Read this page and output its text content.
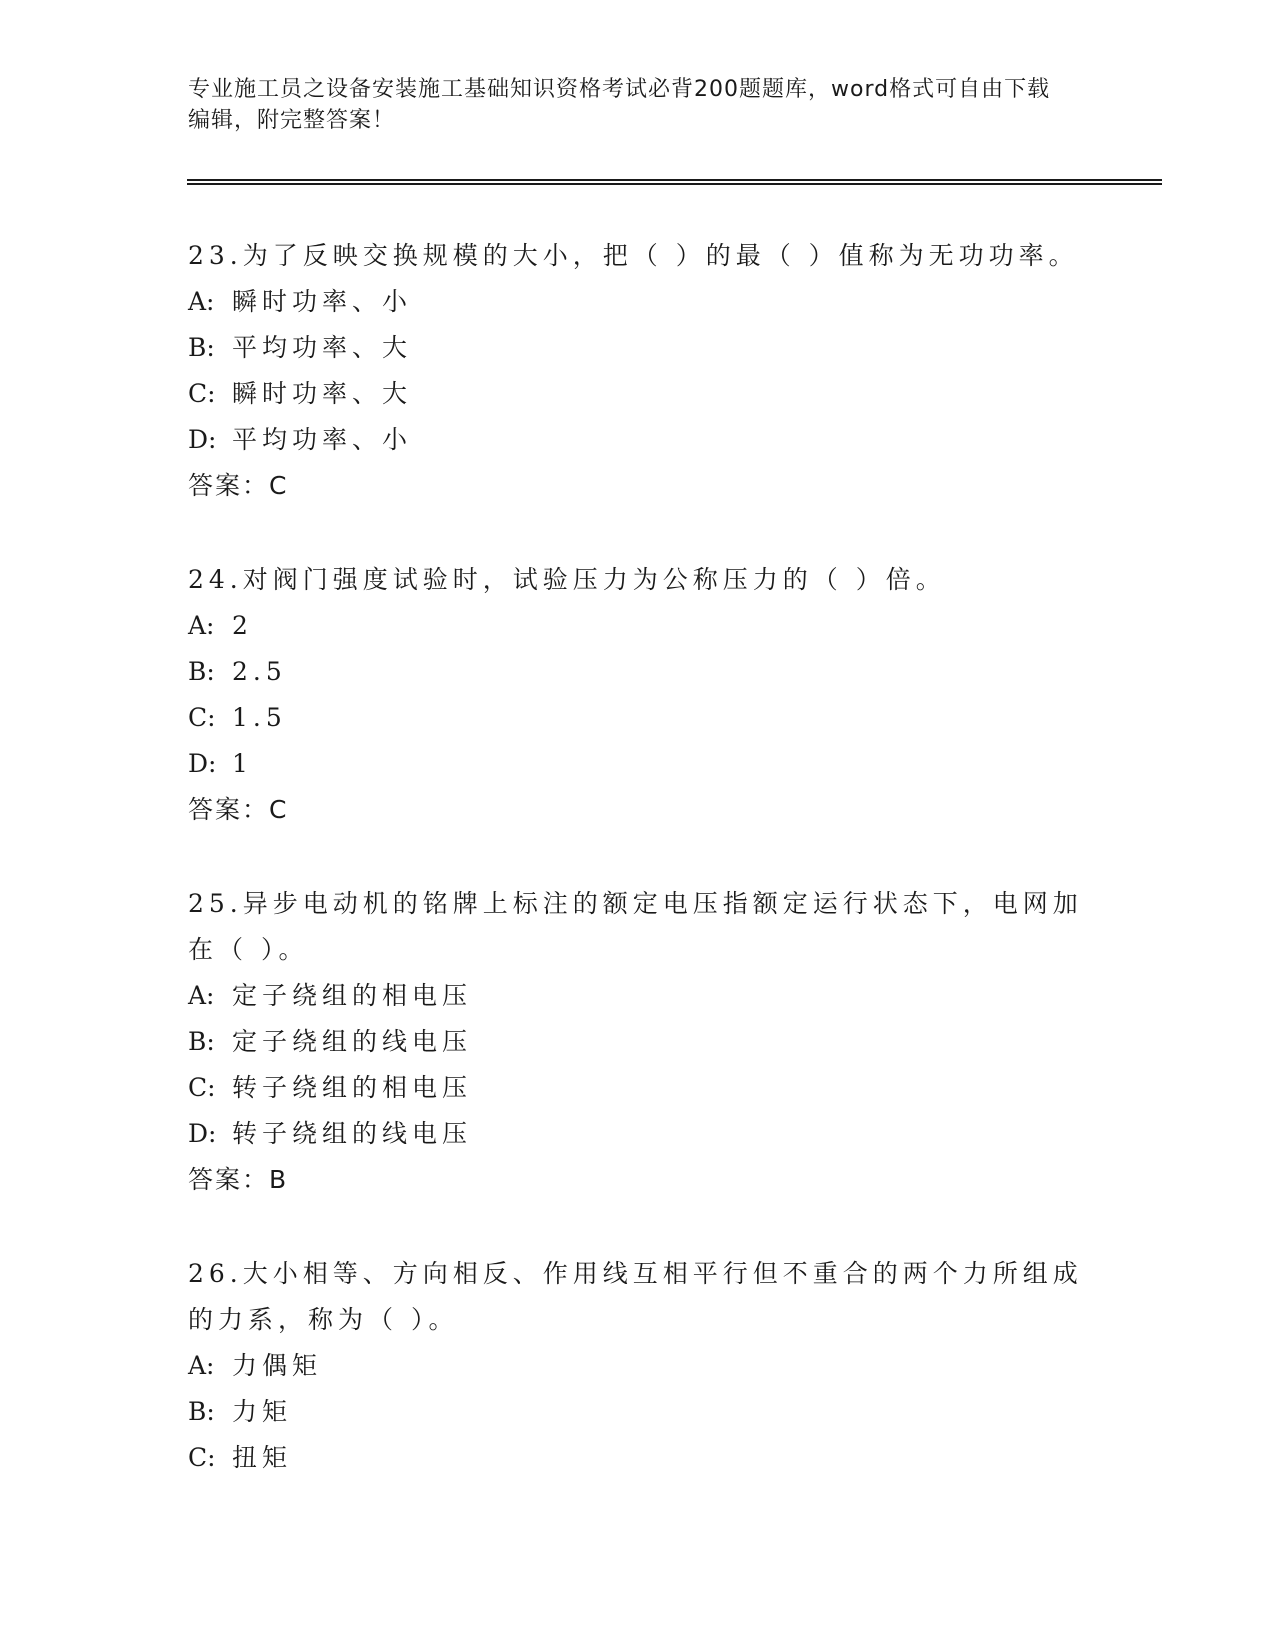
专业施工员之设备安装施工基础知识资格考试必背200题题库，word格式可自由下载编辑，附完整答案！
23.为了反映交换规模的大小，把（ ）的最（ ）值称为无功功率。
A: 瞬时功率、小
B: 平均功率、大
C: 瞬时功率、大
D: 平均功率、小
答案：C
24.对阀门强度试验时，试验压力为公称压力的（ ）倍。
A: 2
B: 2.5
C: 1.5
D: 1
答案：C
25.异步电动机的铭牌上标注的额定电压指额定运行状态下，电网加在（ ）。
A: 定子绕组的相电压
B: 定子绕组的线电压
C: 转子绕组的相电压
D: 转子绕组的线电压
答案：B
26.大小相等、方向相反、作用线互相平行但不重合的两个力所组成的力系，称为（ ）。
A: 力偶矩
B: 力矩
C: 扭矩
